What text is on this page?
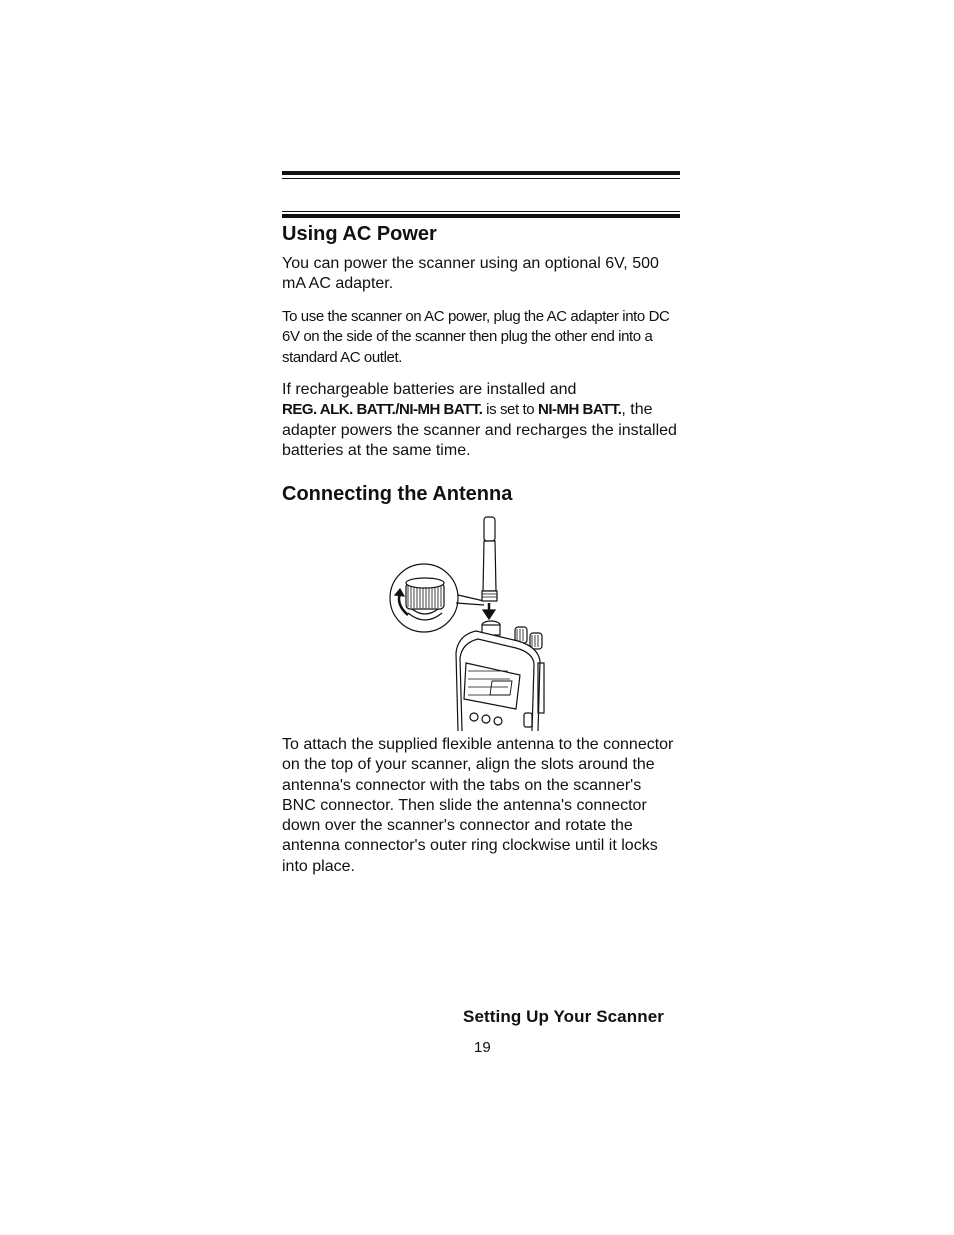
Using AC Power

You can power the scanner using an optional 6V, 500 mA AC adapter.

To use the scanner on AC power, plug the AC adapter into DC 6V on the side of the scanner then plug the other end into a standard AC outlet.

If rechargeable batteries are installed and
REG. ALK. BATT./NI-MH BATT. is set to NI-MH BATT., the adapter powers the scanner and recharges the installed batteries at the same time.

Connecting the Antenna

To attach the supplied flexible antenna to the connector on the top of your scanner, align the slots around the antenna's connector with the tabs on the scanner's BNC connector. Then slide the antenna's connector down over the scanner's connector and rotate the antenna connector's outer ring clockwise until it locks into place.

Setting Up Your Scanner
19
